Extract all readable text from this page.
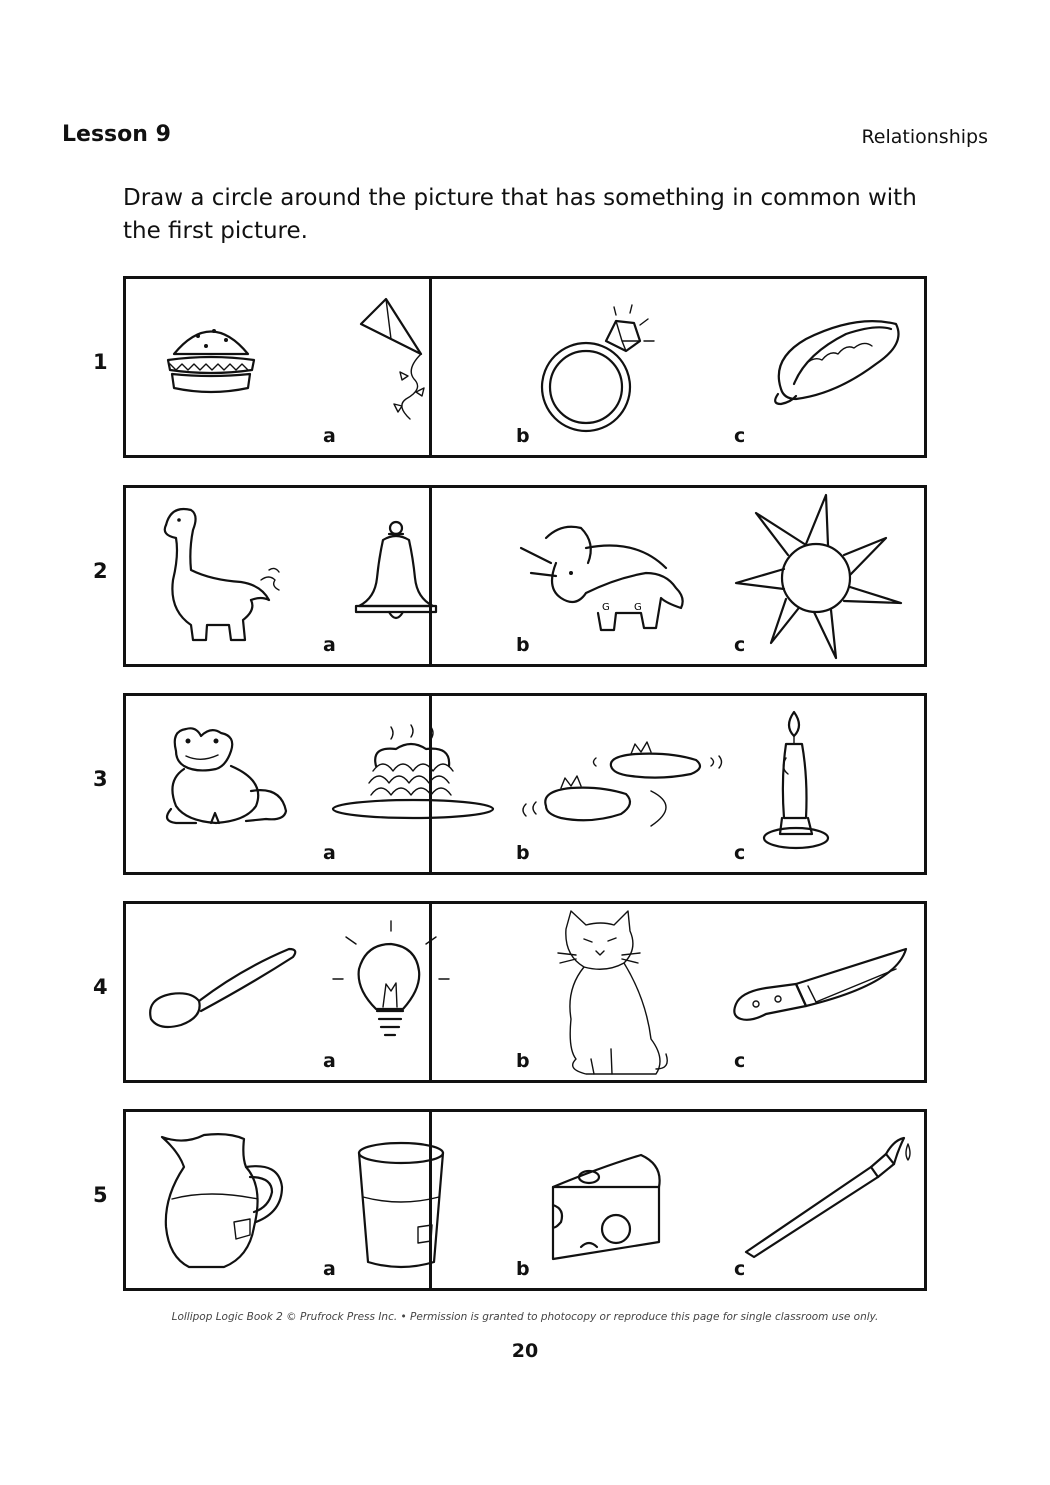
Lesson 9	Relationships
Draw a circle around the picture that has something in common with the first picture.
1
a	b	c
2
G G
a	b	c
3
a	b	c
4
a	b	c
5
a	b	c
Lollipop Logic Book 2 © Prufrock Press Inc. • Permission is granted to photocopy or reproduce this page for single classroom use only.
20
